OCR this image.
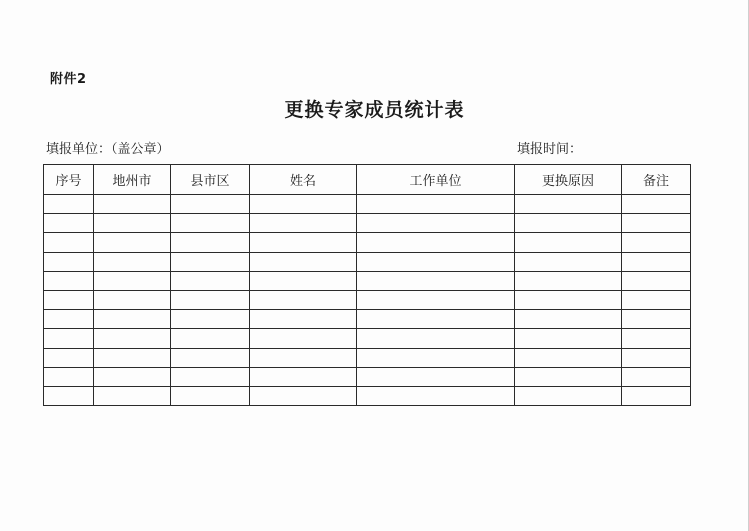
附件2
更换专家成员统计表
填报单位：（盖公章）	填报时间：
序号	地州市	县市区	姓名	工作单位	更换原因	备注
